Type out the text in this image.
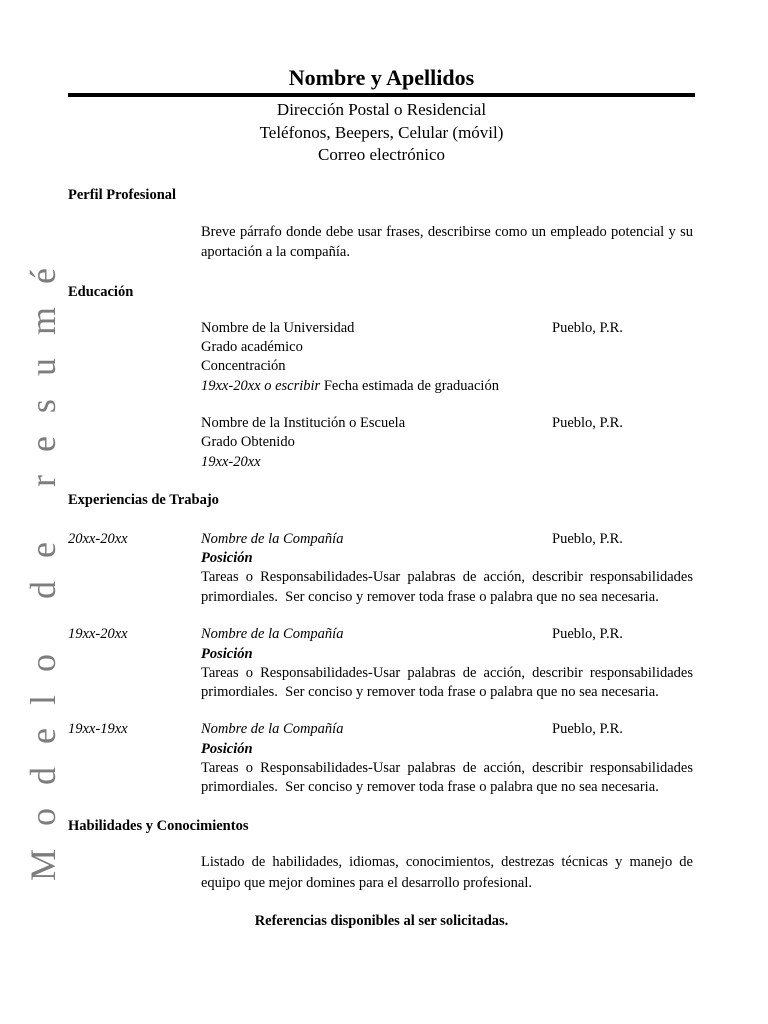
Modelo de resumé
Nombre y Apellidos
Dirección Postal o Residencial
Teléfonos, Beepers, Celular (móvil)
Correo electrónico
Perfil Profesional
Breve párrafo donde debe usar frases, describirse como un empleado potencial y su
aportación a la compañía.
Educación
Nombre de la Universidad	Pueblo, P.R.
Grado académico
Concentración
19xx-20xx o escribir Fecha estimada de graduación
Nombre de la Institución o Escuela	Pueblo, P.R.
Grado Obtenido
19xx-20xx
Experiencias de Trabajo
20xx-20xx	Nombre de la Compañía	Pueblo, P.R.
Posición
Tareas o Responsabilidades-Usar palabras de acción, describir responsabilidades
primordiales.  Ser conciso y remover toda frase o palabra que no sea necesaria.
19xx-20xx	Nombre de la Compañía	Pueblo, P.R.
Posición
Tareas o Responsabilidades-Usar palabras de acción, describir responsabilidades
primordiales.  Ser conciso y remover toda frase o palabra que no sea necesaria.
19xx-19xx	Nombre de la Compañía	Pueblo, P.R.
Posición
Tareas o Responsabilidades-Usar palabras de acción, describir responsabilidades
primordiales.  Ser conciso y remover toda frase o palabra que no sea necesaria.
Habilidades y Conocimientos
Listado de habilidades, idiomas, conocimientos, destrezas técnicas y manejo de
equipo que mejor domines para el desarrollo profesional.
Referencias disponibles al ser solicitadas.
